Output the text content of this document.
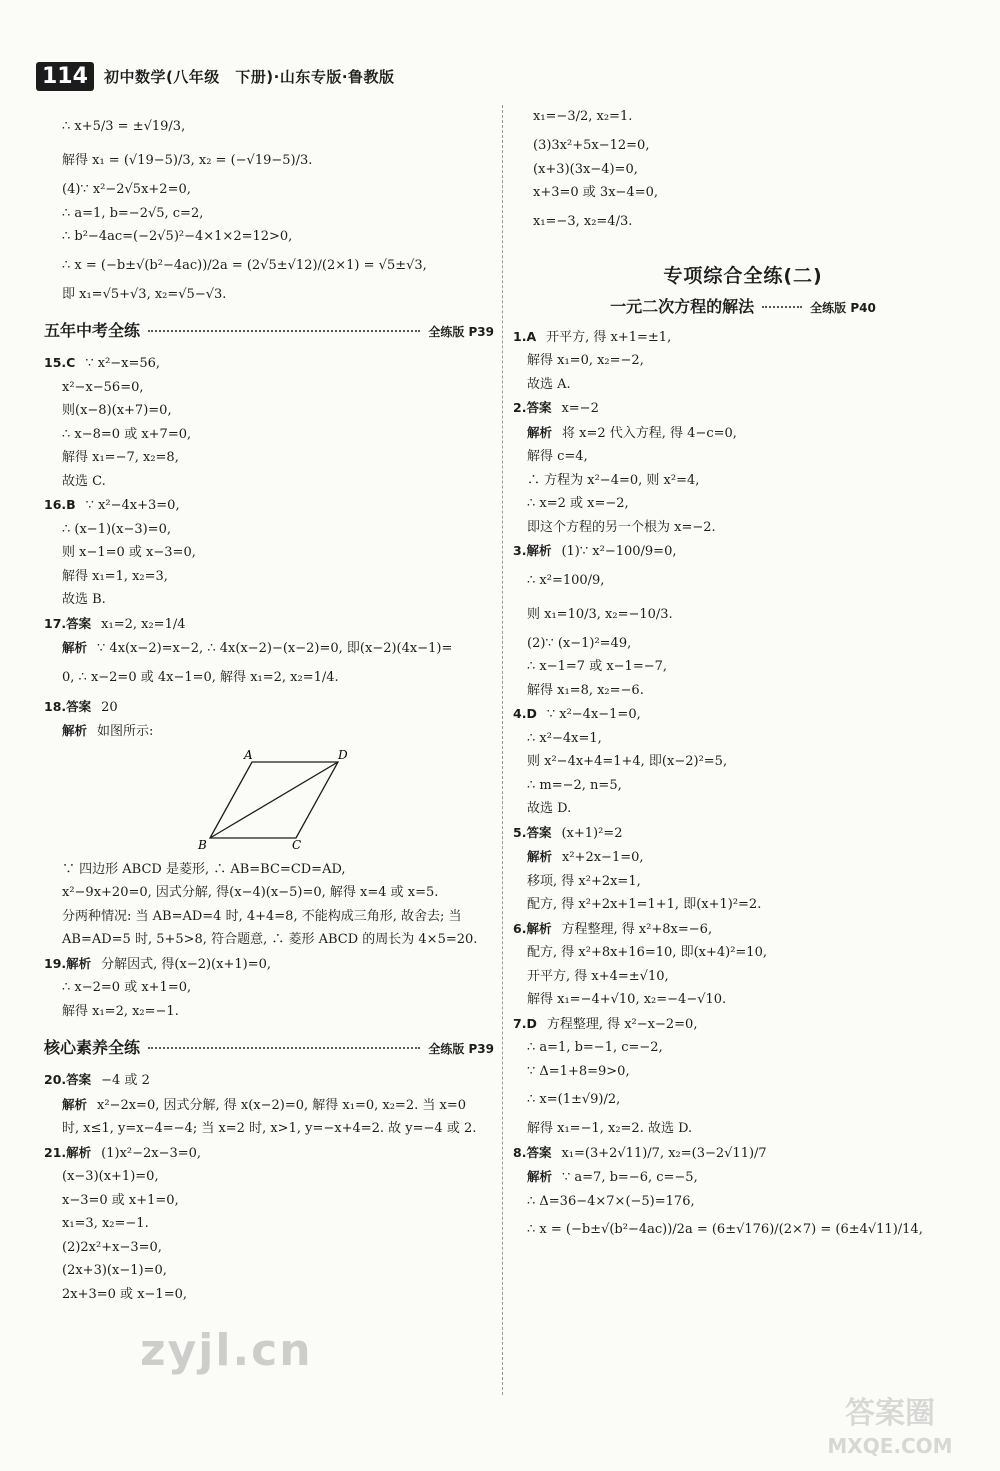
114	初中数学(八年级　下册)·山东专版·鲁教版
∴ x+5/3 = ±√19/3,
解得 x₁ = (√19−5)/3, x₂ = (−√19−5)/3.
(4)∵ x²−2√5x+2=0,
∴ a=1, b=−2√5, c=2,
∴ b²−4ac=(−2√5)²−4×1×2=12>0,
∴ x = (−b±√(b²−4ac))/2a = (2√5±√12)/(2×1) = √5±√3,
即 x₁=√5+√3, x₂=√5−√3.
五年中考全练	全练版 P39
15.C ∵ x²−x=56,
x²−x−56=0,
则(x−8)(x+7)=0,
∴ x−8=0 或 x+7=0,
解得 x₁=−7, x₂=8,
故选 C.
16.B ∵ x²−4x+3=0,
∴ (x−1)(x−3)=0,
则 x−1=0 或 x−3=0,
解得 x₁=1, x₂=3,
故选 B.
17.答案 x₁=2, x₂=1/4
解析 ∵ 4x(x−2)=x−2, ∴ 4x(x−2)−(x−2)=0, 即(x−2)(4x−1)=
0, ∴ x−2=0 或 4x−1=0, 解得 x₁=2, x₂=1/4.
18.答案 20
解析 如图所示:
A	D
B	C
∵ 四边形 ABCD 是菱形, ∴ AB=BC=CD=AD,
x²−9x+20=0, 因式分解, 得(x−4)(x−5)=0, 解得 x=4 或 x=5.
分两种情况: 当 AB=AD=4 时, 4+4=8, 不能构成三角形, 故舍去; 当
AB=AD=5 时, 5+5>8, 符合题意, ∴ 菱形 ABCD 的周长为 4×5=20.
19.解析 分解因式, 得(x−2)(x+1)=0,
∴ x−2=0 或 x+1=0,
解得 x₁=2, x₂=−1.
核心素养全练	全练版 P39
20.答案 −4 或 2
解析 x²−2x=0, 因式分解, 得 x(x−2)=0, 解得 x₁=0, x₂=2. 当 x=0
时, x≤1, y=x−4=−4; 当 x=2 时, x>1, y=−x+4=2. 故 y=−4 或 2.
21.解析 (1)x²−2x−3=0,
(x−3)(x+1)=0,
x−3=0 或 x+1=0,
x₁=3, x₂=−1.
(2)2x²+x−3=0,
(2x+3)(x−1)=0,
2x+3=0 或 x−1=0,
x₁=−3/2, x₂=1.
(3)3x²+5x−12=0,
(x+3)(3x−4)=0,
x+3=0 或 3x−4=0,
x₁=−3, x₂=4/3.
专项综合全练(二)
一元二次方程的解法	全练版 P40
1.A 开平方, 得 x+1=±1,
解得 x₁=0, x₂=−2,
故选 A.
2.答案 x=−2
解析 将 x=2 代入方程, 得 4−c=0,
解得 c=4,
∴ 方程为 x²−4=0, 则 x²=4,
∴ x=2 或 x=−2,
即这个方程的另一个根为 x=−2.
3.解析 (1)∵ x²−100/9=0,
∴ x²=100/9,
则 x₁=10/3, x₂=−10/3.
(2)∵ (x−1)²=49,
∴ x−1=7 或 x−1=−7,
解得 x₁=8, x₂=−6.
4.D ∵ x²−4x−1=0,
∴ x²−4x=1,
则 x²−4x+4=1+4, 即(x−2)²=5,
∴ m=−2, n=5,
故选 D.
5.答案 (x+1)²=2
解析 x²+2x−1=0,
移项, 得 x²+2x=1,
配方, 得 x²+2x+1=1+1, 即(x+1)²=2.
6.解析 方程整理, 得 x²+8x=−6,
配方, 得 x²+8x+16=10, 即(x+4)²=10,
开平方, 得 x+4=±√10,
解得 x₁=−4+√10, x₂=−4−√10.
7.D 方程整理, 得 x²−x−2=0,
∴ a=1, b=−1, c=−2,
∵ Δ=1+8=9>0,
∴ x=(1±√9)/2,
解得 x₁=−1, x₂=2. 故选 D.
8.答案 x₁=(3+2√11)/7, x₂=(3−2√11)/7
解析 ∵ a=7, b=−6, c=−5,
∴ Δ=36−4×7×(−5)=176,
∴ x = (−b±√(b²−4ac))/2a = (6±√176)/(2×7) = (6±4√11)/14,
zyjl.cn
答案圈
MXQE.COM
